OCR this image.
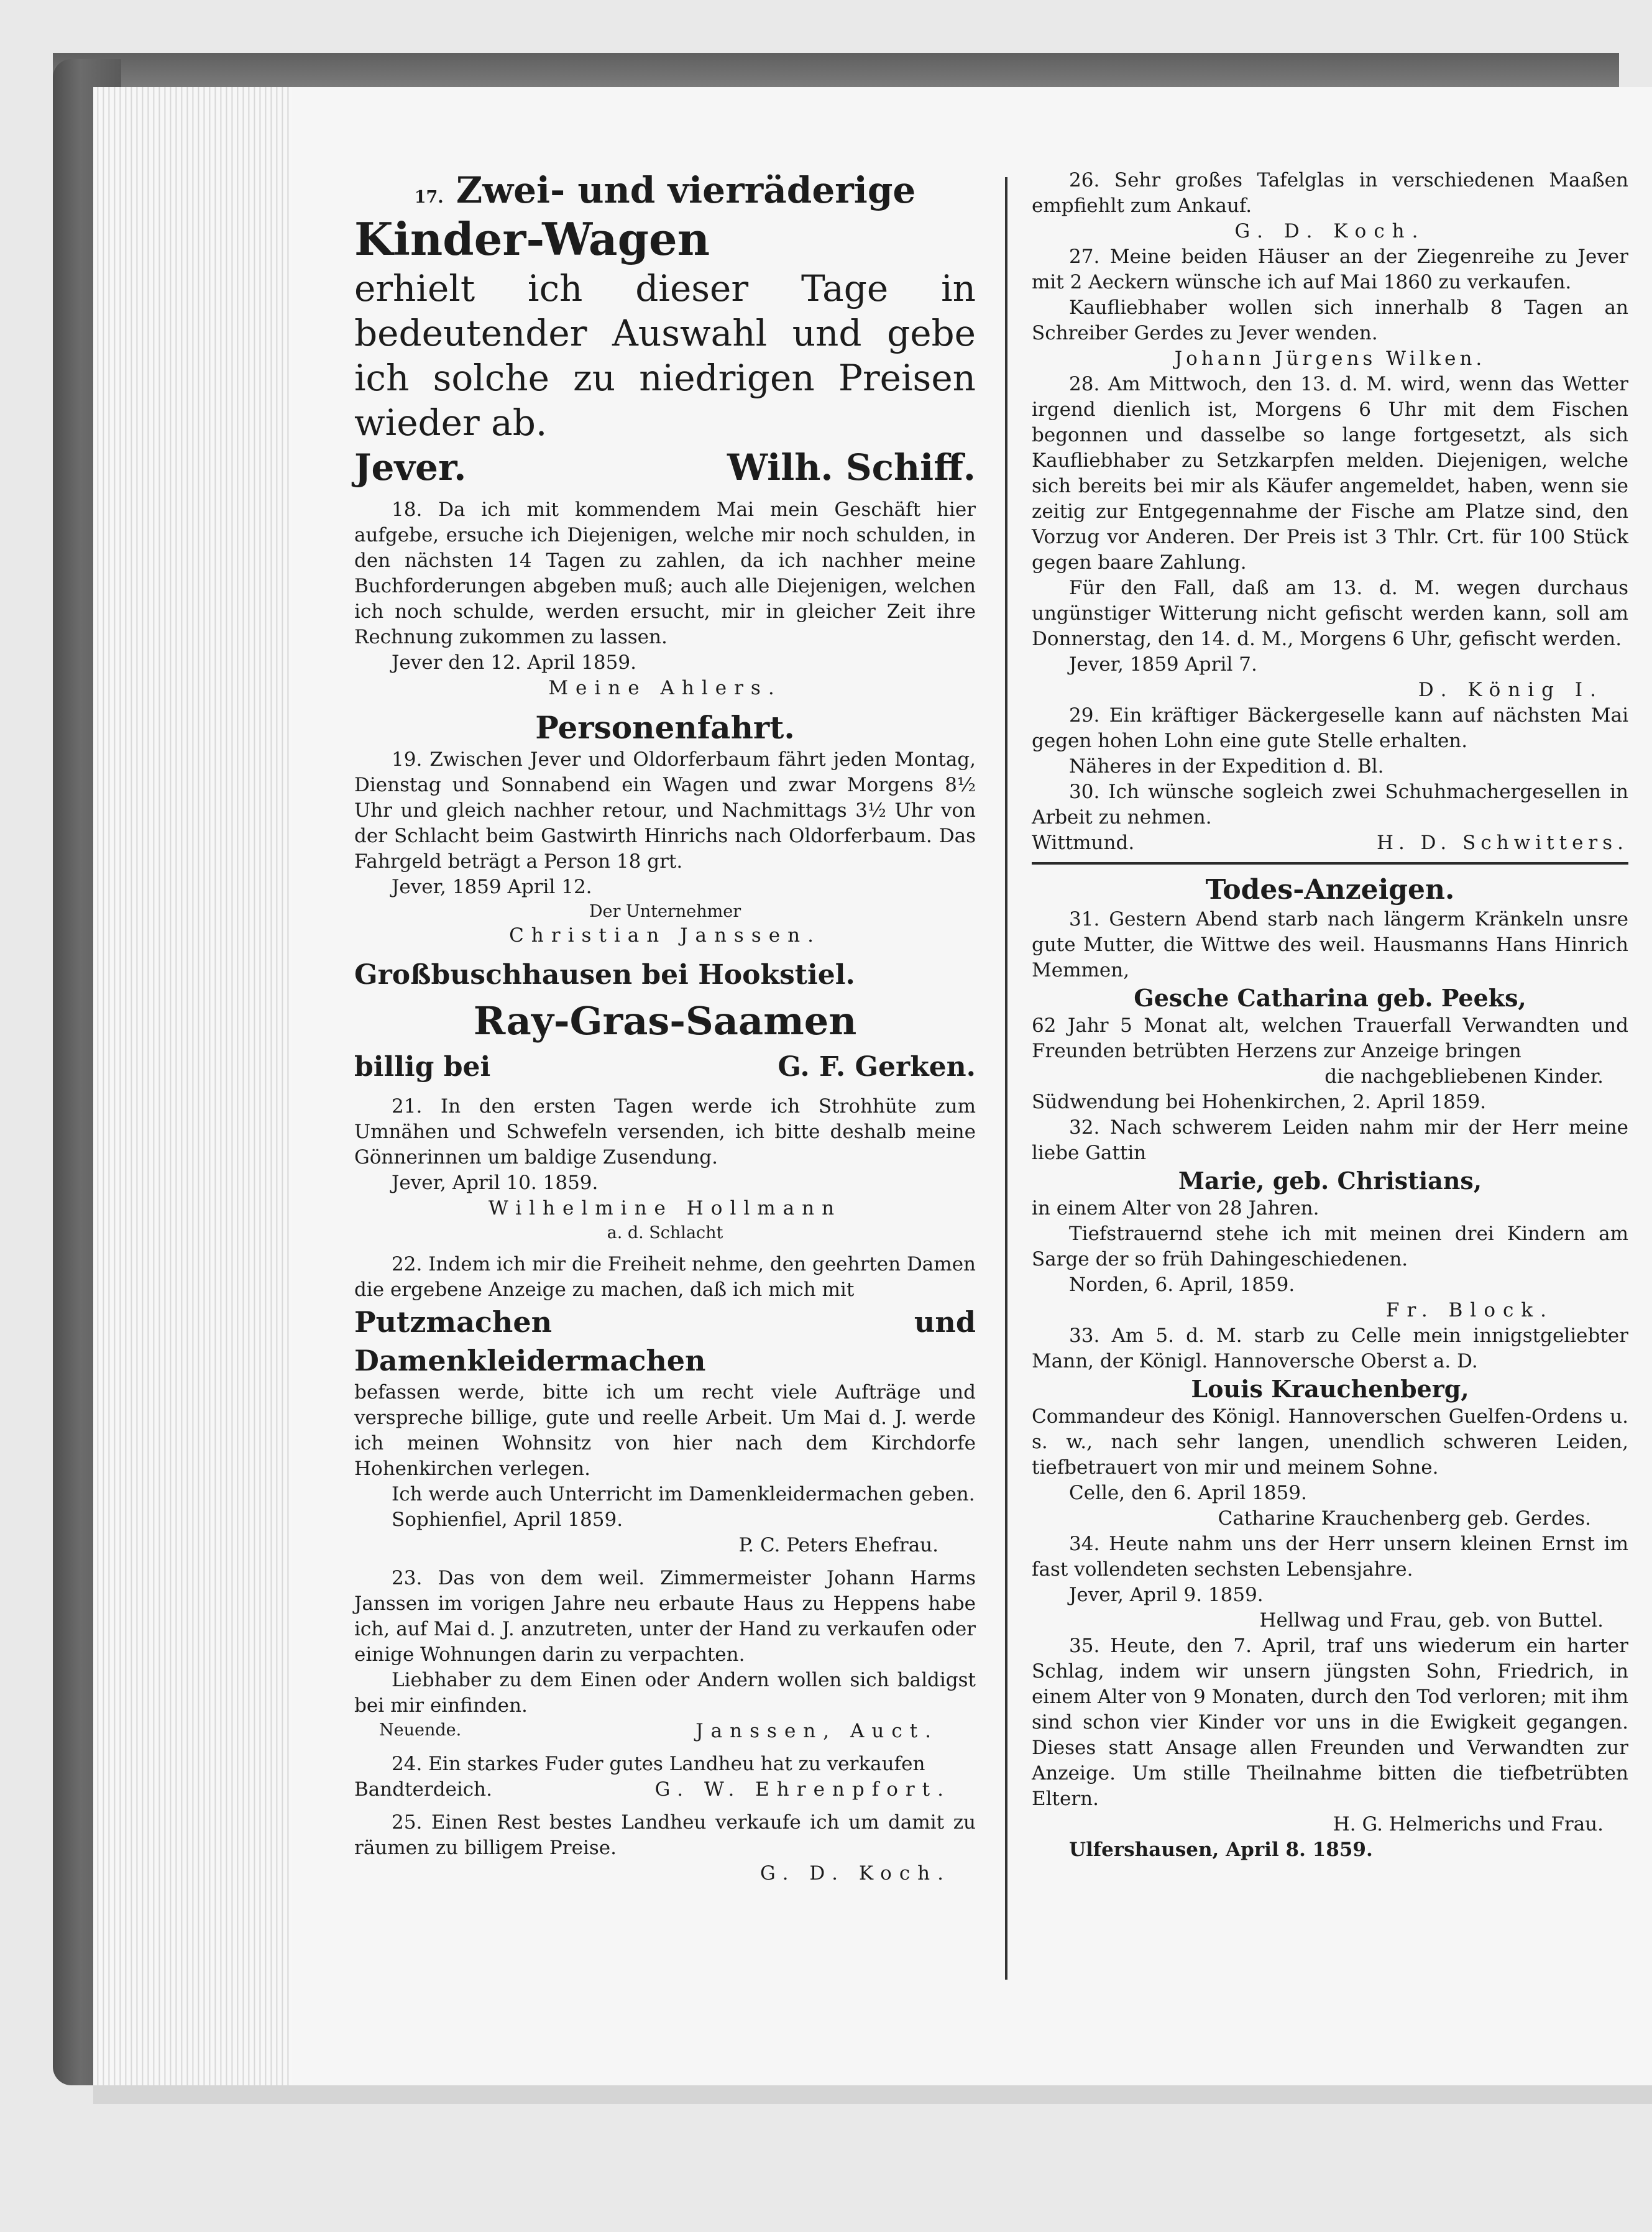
17. Zwei- und vierräderige

Kinder-Wagen

erhielt ich dieser Tage in bedeutender Auswahl und gebe ich solche zu niedrigen Preisen wieder ab.

Jever.	Wilh. Schiff.

18. Da ich mit kommendem Mai mein Geschäft hier aufgebe, ersuche ich Diejenigen, welche mir noch schulden, in den nächsten 14 Tagen zu zahlen, da ich nachher meine Buchforderungen abgeben muß; auch alle Diejenigen, welchen ich noch schulde, werden ersucht, mir in gleicher Zeit ihre Rechnung zukommen zu lassen.

Jever den 12. April 1859.

Meine Ahlers.

Personenfahrt.

19. Zwischen Jever und Oldorferbaum fährt jeden Montag, Dienstag und Sonnabend ein Wagen und zwar Morgens 8½ Uhr und gleich nachher retour, und Nachmittags 3½ Uhr von der Schlacht beim Gastwirth Hinrichs nach Oldorferbaum. Das Fahrgeld beträgt a Person 18 grt.

Jever, 1859 April 12.

Der Unternehmer

Christian Janssen.

Großbuschhausen bei Hookstiel.

Ray-Gras-Saamen

billig bei	G. F. Gerken.

21. In den ersten Tagen werde ich Strohhüte zum Umnähen und Schwefeln versenden, ich bitte deshalb meine Gönnerinnen um baldige Zusendung.

Jever, April 10. 1859.

Wilhelmine Hollmann

a. d. Schlacht

22. Indem ich mir die Freiheit nehme, den geehrten Damen die ergebene Anzeige zu machen, daß ich mich mit

Putzmachen und Damenkleidermachen

befassen werde, bitte ich um recht viele Aufträge und verspreche billige, gute und reelle Arbeit. Um Mai d. J. werde ich meinen Wohnsitz von hier nach dem Kirchdorfe Hohenkirchen verlegen.

Ich werde auch Unterricht im Damenkleidermachen geben.

Sophienfiel, April 1859.

P. C. Peters Ehefrau.

23. Das von dem weil. Zimmermeister Johann Harms Janssen im vorigen Jahre neu erbaute Haus zu Heppens habe ich, auf Mai d. J. anzutreten, unter der Hand zu verkaufen oder einige Wohnungen darin zu verpachten.

Liebhaber zu dem Einen oder Andern wollen sich baldigst bei mir einfinden.

Neuende.	Janssen, Auct.

24. Ein starkes Fuder gutes Landheu hat zu verkaufen

Bandterdeich.	G. W. Ehrenpfort.

25. Einen Rest bestes Landheu verkaufe ich um damit zu räumen zu billigem Preise.

G. D. Koch.

26. Sehr großes Tafelglas in verschiedenen Maaßen empfiehlt zum Ankauf.

G. D. Koch.

27. Meine beiden Häuser an der Ziegenreihe zu Jever mit 2 Aeckern wünsche ich auf Mai 1860 zu verkaufen.

Kaufliebhaber wollen sich innerhalb 8 Tagen an Schreiber Gerdes zu Jever wenden.

Johann Jürgens Wilken.

28. Am Mittwoch, den 13. d. M. wird, wenn das Wetter irgend dienlich ist, Morgens 6 Uhr mit dem Fischen begonnen und dasselbe so lange fortgesetzt, als sich Kaufliebhaber zu Setzkarpfen melden. Diejenigen, welche sich bereits bei mir als Käufer angemeldet, haben, wenn sie zeitig zur Entgegennahme der Fische am Platze sind, den Vorzug vor Anderen. Der Preis ist 3 Thlr. Crt. für 100 Stück gegen baare Zahlung.

Für den Fall, daß am 13. d. M. wegen durchaus ungünstiger Witterung nicht gefischt werden kann, soll am Donnerstag, den 14. d. M., Morgens 6 Uhr, gefischt werden.

Jever, 1859 April 7.

D. König I.

29. Ein kräftiger Bäckergeselle kann auf nächsten Mai gegen hohen Lohn eine gute Stelle erhalten.

Näheres in der Expedition d. Bl.

30. Ich wünsche sogleich zwei Schuhmachergesellen in Arbeit zu nehmen.

Wittmund.	H. D. Schwitters.

Todes-Anzeigen.

31. Gestern Abend starb nach längerm Kränkeln unsre gute Mutter, die Wittwe des weil. Hausmanns Hans Hinrich Memmen,

Gesche Catharina geb. Peeks,

62 Jahr 5 Monat alt, welchen Trauerfall Verwandten und Freunden betrübten Herzens zur Anzeige bringen

die nachgebliebenen Kinder.

Südwendung bei Hohenkirchen, 2. April 1859.

32. Nach schwerem Leiden nahm mir der Herr meine liebe Gattin

Marie, geb. Christians,

in einem Alter von 28 Jahren.

Tiefstrauernd stehe ich mit meinen drei Kindern am Sarge der so früh Dahingeschiedenen.

Norden, 6. April, 1859.

Fr. Block.

33. Am 5. d. M. starb zu Celle mein innigstgeliebter Mann, der Königl. Hannoversche Oberst a. D.

Louis Krauchenberg,

Commandeur des Königl. Hannoverschen Guelfen-Ordens u. s. w., nach sehr langen, unendlich schweren Leiden, tiefbetrauert von mir und meinem Sohne.

Celle, den 6. April 1859.

Catharine Krauchenberg geb. Gerdes.

34. Heute nahm uns der Herr unsern kleinen Ernst im fast vollendeten sechsten Lebensjahre.

Jever, April 9. 1859.

Hellwag und Frau, geb. von Buttel.

35. Heute, den 7. April, traf uns wiederum ein harter Schlag, indem wir unsern jüngsten Sohn, Friedrich, in einem Alter von 9 Monaten, durch den Tod verloren; mit ihm sind schon vier Kinder vor uns in die Ewigkeit gegangen. Dieses statt Ansage allen Freunden und Verwandten zur Anzeige. Um stille Theilnahme bitten die tiefbetrübten Eltern.

H. G. Helmerichs und Frau.

Ulfershausen, April 8. 1859.
